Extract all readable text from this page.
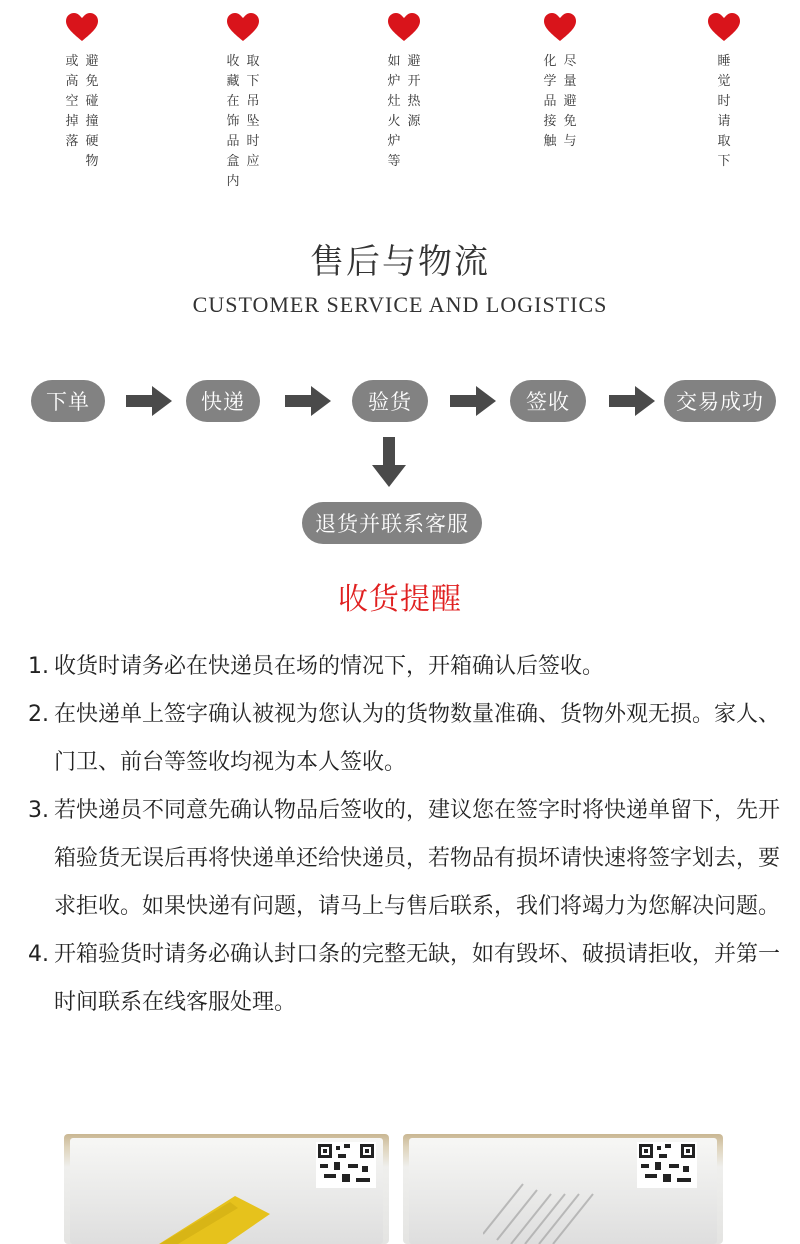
避免碰撞硬物
或高空掉落
取下吊坠时应
收藏在饰品盒内
避开热源
如炉灶火炉等
尽量避免与
化学品接触
睡觉时请取下
售后与物流
CUSTOMER SERVICE AND LOGISTICS
下单	快递	验货	签收	交易成功
退货并联系客服
收货提醒
1. 收货时请务必在快递员在场的情况下，开箱确认后签收。
2. 在快递单上签字确认被视为您认为的货物数量准确、货物外观无损。家人、门卫、前台等签收均视为本人签收。
3. 若快递员不同意先确认物品后签收的，建议您在签字时将快递单留下，先开箱验货无误后再将快递单还给快递员，若物品有损坏请快速将签字划去，要求拒收。如果快递有问题，请马上与售后联系，我们将竭力为您解决问题。
4. 开箱验货时请务必确认封口条的完整无缺，如有毁坏、破损请拒收，并第一时间联系在线客服处理。
